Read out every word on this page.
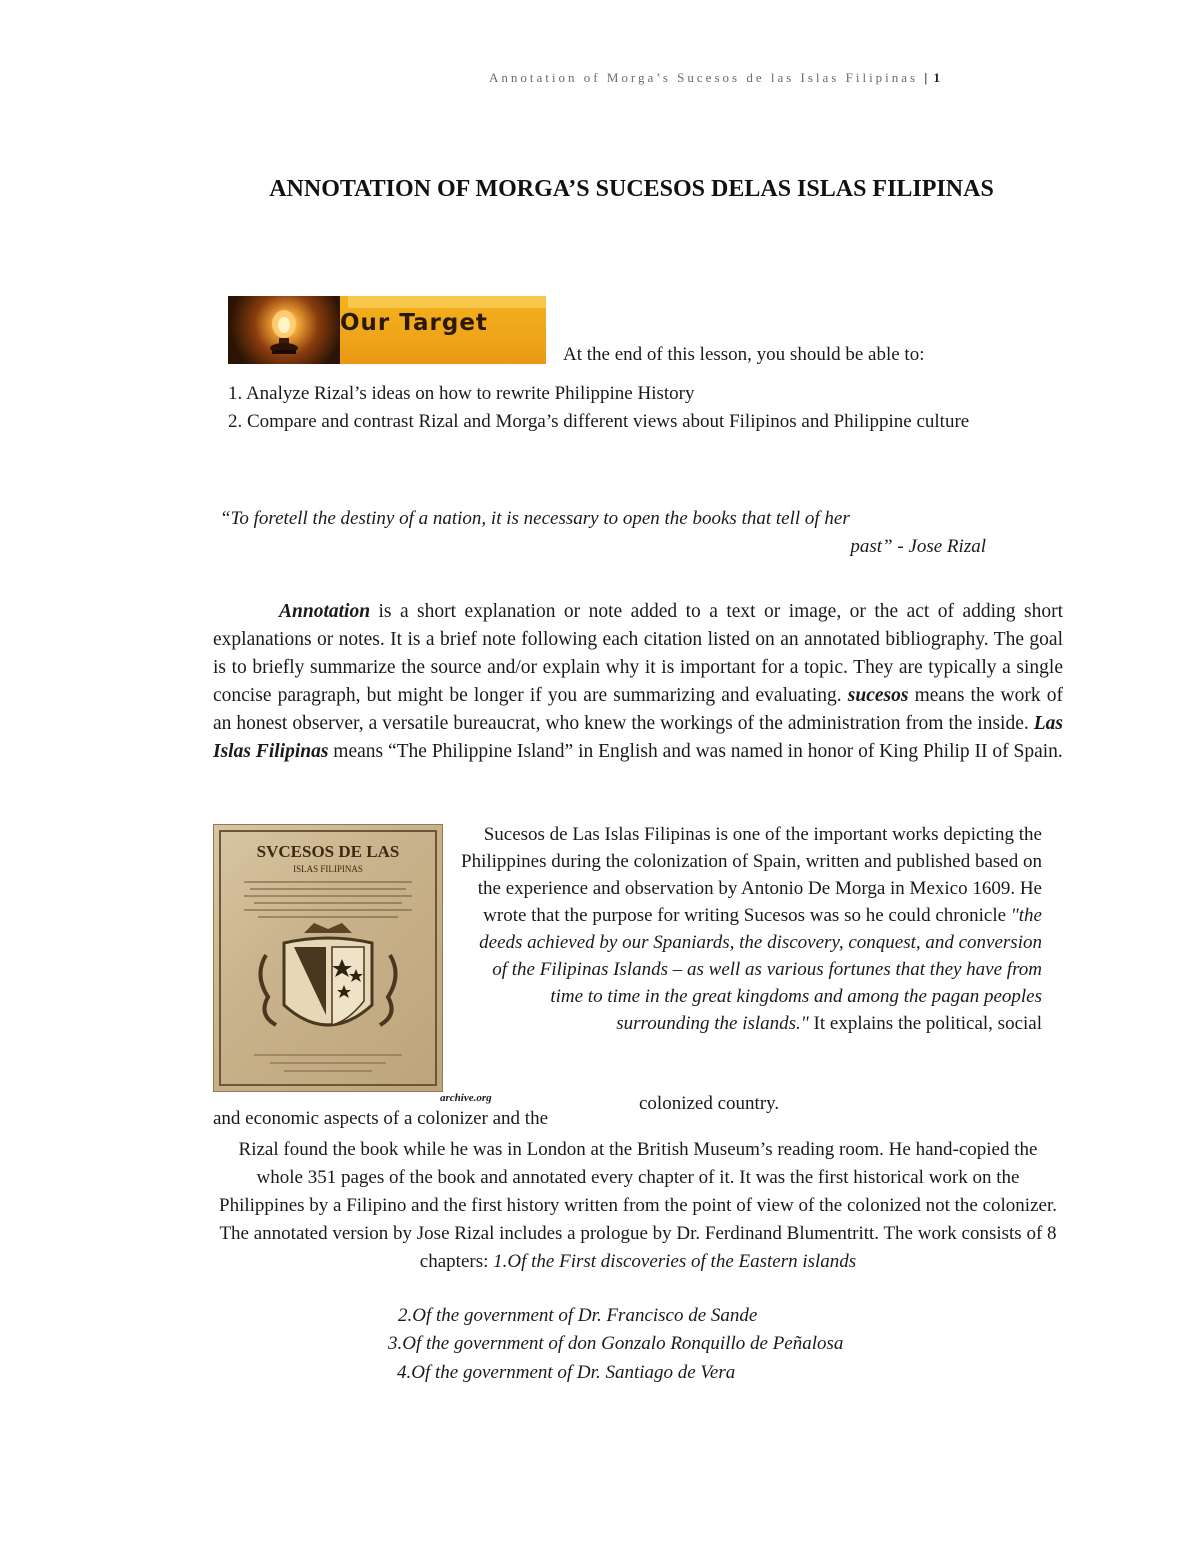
Annotation of Morga’s Sucesos de las Islas Filipinas | 1
ANNOTATION OF MORGA’S SUCESOS DELAS ISLAS FILIPINAS
Our Target
At the end of this lesson, you should be able to:
1. Analyze Rizal’s ideas on how to rewrite Philippine History
2. Compare and contrast Rizal and Morga’s different views about Filipinos and Philippine culture
“To foretell the destiny of a nation, it is necessary to open the books that tell of her
past” - Jose Rizal
Annotation is a short explanation or note added to a text or image, or the act of adding short explanations or notes. It is a brief note following each citation listed on an annotated bibliography. The goal is to briefly summarize the source and/or explain why it is important for a topic. They are typically a single concise paragraph, but might be longer if you are summarizing and evaluating. sucesos means the work of an honest observer, a versatile bureaucrat, who knew the workings of the administration from the inside. Las Islas Filipinas means “The Philippine Island” in English and was named in honor of King Philip II of Spain.
SVCESOS DE LAS
ISLAS FILIPINAS
archive.org
Sucesos de Las Islas Filipinas is one of the important works depicting the Philippines during the colonization of Spain, written and published based on the experience and observation by Antonio De Morga in Mexico 1609. He wrote that the purpose for writing Sucesos was so he could chronicle "the deeds achieved by our Spaniards, the discovery, conquest, and conversion of the Filipinas Islands – as well as various fortunes that they have from time to time in the great kingdoms and among the pagan peoples surrounding the islands." It explains the political, social
colonized country.
and economic aspects of a colonizer and the
Rizal found the book while he was in London at the British Museum’s reading room. He hand-copied the whole 351 pages of the book and annotated every chapter of it. It was the first historical work on the Philippines by a Filipino and the first history written from the point of view of the colonized not the colonizer. The annotated version by Jose Rizal includes a prologue by Dr. Ferdinand Blumentritt. The work consists of 8 chapters: 1.Of the First discoveries of the Eastern islands
2.Of the government of Dr. Francisco de Sande
3.Of the government of don Gonzalo Ronquillo de Peñalosa
4.Of the government of Dr. Santiago de Vera
